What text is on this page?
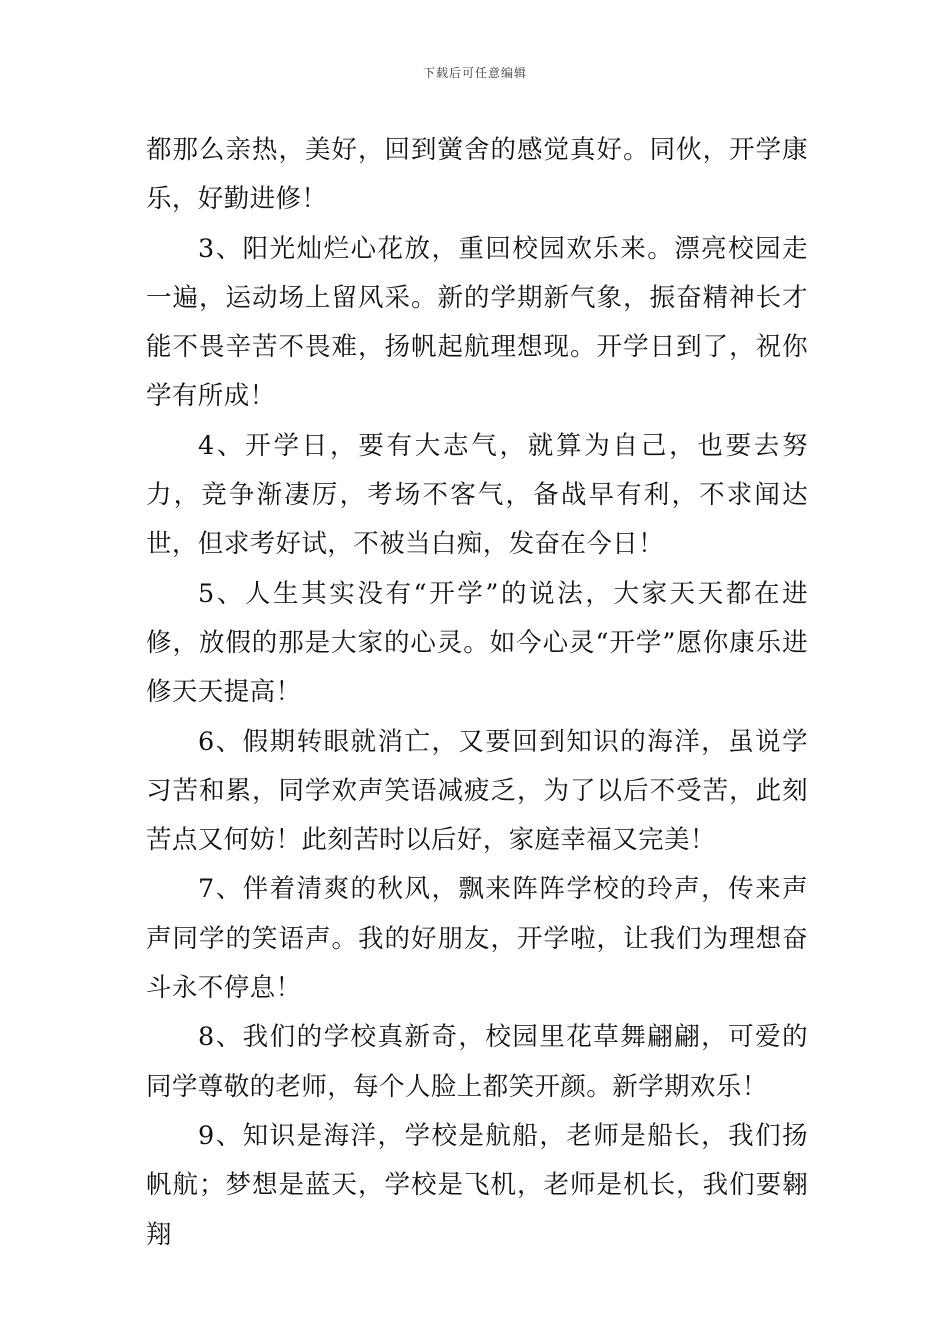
下载后可任意编辑

都那么亲热，美好，回到黉舍的感觉真好。同伙，开学康乐，好勤进修！

3、阳光灿烂心花放，重回校园欢乐来。漂亮校园走一遍，运动场上留风采。新的学期新气象，振奋精神长才能不畏辛苦不畏难，扬帆起航理想现。开学日到了，祝你学有所成！

4、开学日，要有大志气，就算为自己，也要去努力，竞争渐凄厉，考场不客气，备战早有利，不求闻达世，但求考好试，不被当白痴，发奋在今日！

5、人生其实没有“开学”的说法，大家天天都在进修，放假的那是大家的心灵。如今心灵“开学”愿你康乐进修天天提高！

6、假期转眼就消亡，又要回到知识的海洋，虽说学习苦和累，同学欢声笑语减疲乏，为了以后不受苦，此刻苦点又何妨！此刻苦时以后好，家庭幸福又完美！

7、伴着清爽的秋风，飘来阵阵学校的玲声，传来声声同学的笑语声。我的好朋友，开学啦，让我们为理想奋斗永不停息！

8、我们的学校真新奇，校园里花草舞翩翩，可爱的同学尊敬的老师，每个人脸上都笑开颜。新学期欢乐！

9、知识是海洋，学校是航船，老师是船长，我们扬帆航；梦想是蓝天，学校是飞机，老师是机长，我们要翱翔
